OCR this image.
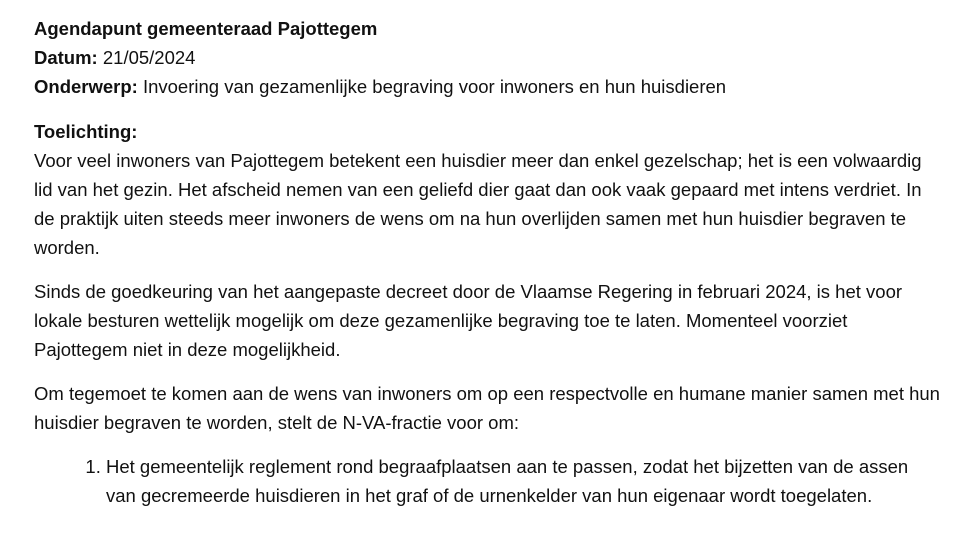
Agendapunt gemeenteraad Pajottegem
Datum: 21/05/2024
Onderwerp: Invoering van gezamenlijke begraving voor inwoners en hun huisdieren
Toelichting:

Voor veel inwoners van Pajottegem betekent een huisdier meer dan enkel gezelschap; het is een volwaardig lid van het gezin. Het afscheid nemen van een geliefd dier gaat dan ook vaak gepaard met intens verdriet. In de praktijk uiten steeds meer inwoners de wens om na hun overlijden samen met hun huisdier begraven te worden.

Sinds de goedkeuring van het aangepaste decreet door de Vlaamse Regering in februari 2024, is het voor lokale besturen wettelijk mogelijk om deze gezamenlijke begraving toe te laten. Momenteel voorziet Pajottegem niet in deze mogelijkheid.

Om tegemoet te komen aan de wens van inwoners om op een respectvolle en humane manier samen met hun huisdier begraven te worden, stelt de N-VA-fractie voor om:

1. Het gemeentelijk reglement rond begraafplaatsen aan te passen, zodat het bijzetten van de assen van gecremeerde huisdieren in het graf of de urnenkelder van hun eigenaar wordt toegelaten.
